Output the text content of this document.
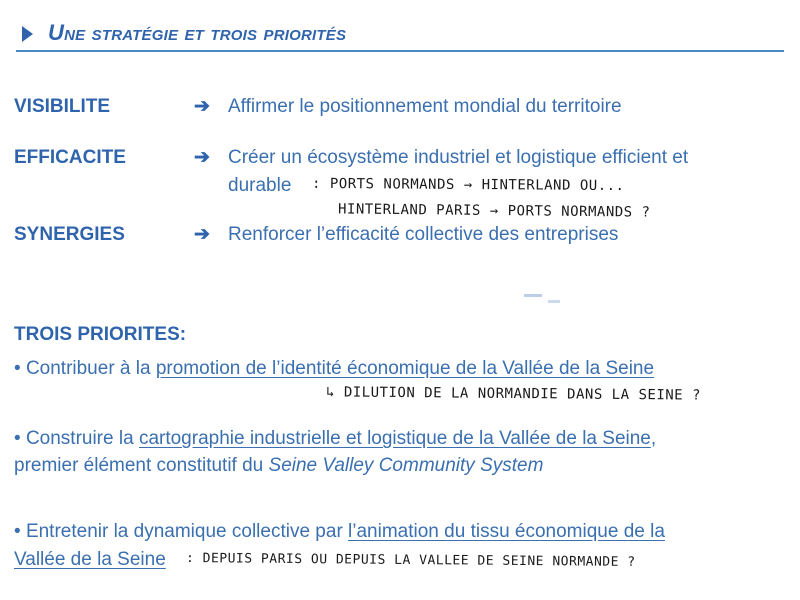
Une stratégie et trois priorités
VISIBILITE	➔ Affirmer le positionnement mondial du territoire
EFFICACITE	➔ Créer un écosystème industriel et logistique efficient et
durable : PORTS NORMANDS → HINTERLAND OU...
HINTERLAND PARIS → PORTS NORMANDS ?
SYNERGIES	➔ Renforcer l’efficacité collective des entreprises
TROIS PRIORITES:
• Contribuer à la promotion de l’identité économique de la Vallée de la Seine
↳ DILUTION DE LA NORMANDIE DANS LA SEINE ?
• Construire la cartographie industrielle et logistique de la Vallée de la Seine,
premier élément constitutif du Seine Valley Community System
• Entretenir la dynamique collective par l’animation du tissu économique de la
Vallée de la Seine : DEPUIS PARIS OU DEPUIS LA VALLEE DE SEINE NORMANDE ?
